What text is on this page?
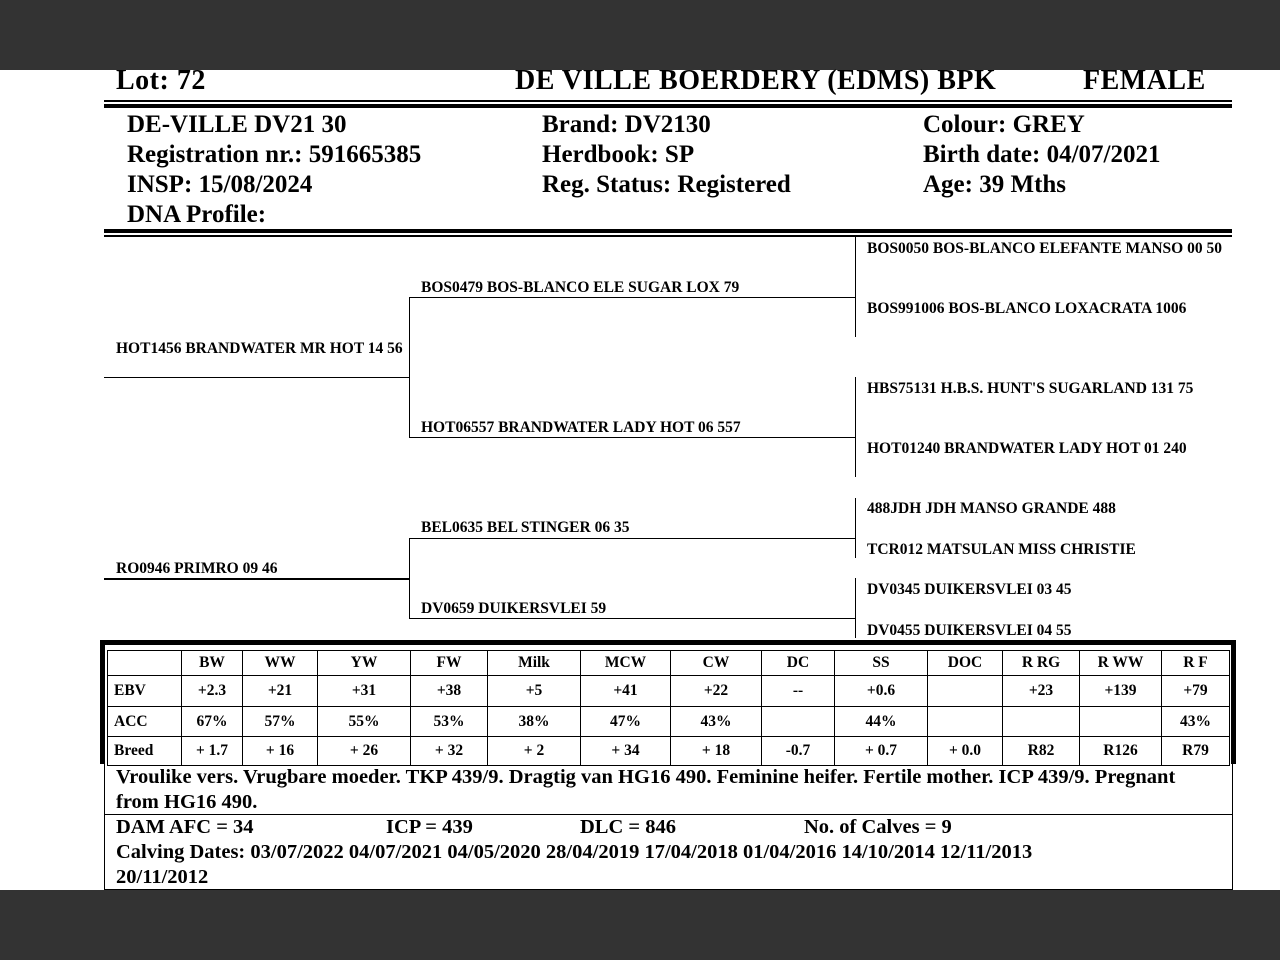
Lot: 72	DE VILLE BOERDERY (EDMS) BPK	FEMALE
DE-VILLE DV21 30
Registration nr.: 591665385
INSP: 15/08/2024
DNA Profile:
Brand: DV2130
Herdbook: SP
Reg. Status: Registered
Colour: GREY
Birth date: 04/07/2021
Age: 39 Mths
HOT1456 BRANDWATER MR HOT 14 56
RO0946 PRIMRO 09 46
BOS0479 BOS-BLANCO ELE SUGAR LOX 79
HOT06557 BRANDWATER LADY HOT 06 557
BEL0635 BEL STINGER 06 35
DV0659 DUIKERSVLEI 59
BOS0050 BOS-BLANCO ELEFANTE MANSO 00 50
BOS991006 BOS-BLANCO LOXACRATA 1006
HBS75131 H.B.S. HUNT'S SUGARLAND 131 75
HOT01240 BRANDWATER LADY HOT 01 240
488JDH JDH MANSO GRANDE 488
TCR012 MATSULAN MISS CHRISTIE
DV0345 DUIKERSVLEI 03 45
DV0455 DUIKERSVLEI 04 55
	BW	WW	YW	FW	Milk	MCW	CW	DC	SS	DOC	R RG	R WW	R F
EBV	+2.3	+21	+31	+38	+5	+41	+22	--	+0.6		+23	+139	+79
ACC	67%	57%	55%	53%	38%	47%	43%		44%				43%
Breed	+ 1.7	+ 16	+ 26	+ 32	+ 2	+ 34	+ 18	-0.7	+ 0.7	+ 0.0	R82	R126	R79
Vroulike vers. Vrugbare moeder. TKP 439/9. Dragtig van HG16 490. Feminine heifer. Fertile mother. ICP 439/9. Pregnant from HG16 490.
DAM AFC = 34	ICP = 439	DLC = 846	No. of Calves = 9
Calving Dates: 03/07/2022 04/07/2021 04/05/2020 28/04/2019 17/04/2018 01/04/2016 14/10/2014 12/11/2013 20/11/2012
